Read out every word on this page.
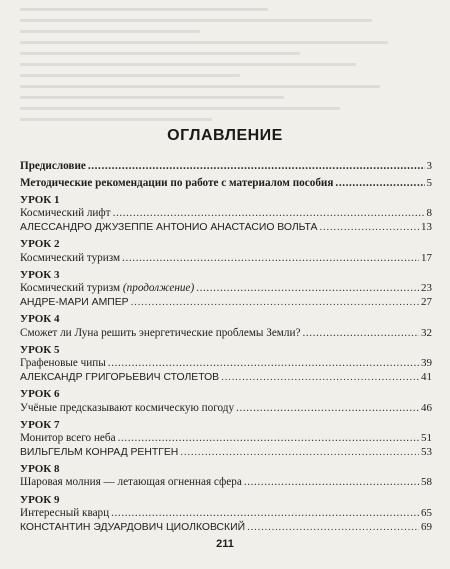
ОГЛАВЛЕНИЕ
Предисловие .....	3
Методические рекомендации по работе с материалом пособия .....	5
УРОК 1
Космический лифт .....	8
АЛЕССАНДРО ДЖУЗЕППЕ АНТОНИО АНАСТАСИО ВОЛЬТА .....	13
УРОК 2
Космический туризм .....	17
УРОК 3
Космический туризм (продолжение) .....	23
АНДРЕ-МАРИ АМПЕР .....	27
УРОК 4
Сможет ли Луна решить энергетические проблемы Земли? .....	32
УРОК 5
Графеновые чипы .....	39
АЛЕКСАНДР ГРИГОРЬЕВИЧ СТОЛЕТОВ .....	41
УРОК 6
Учёные предсказывают космическую погоду .....	46
УРОК 7
Монитор всего неба .....	51
ВИЛЬГЕЛЬМ КОНРАД РЕНТГЕН .....	53
УРОК 8
Шаровая молния — летающая огненная сфера .....	58
УРОК 9
Интересный кварц .....	65
КОНСТАНТИН ЭДУАРДОВИЧ ЦИОЛКОВСКИЙ .....	69
211
